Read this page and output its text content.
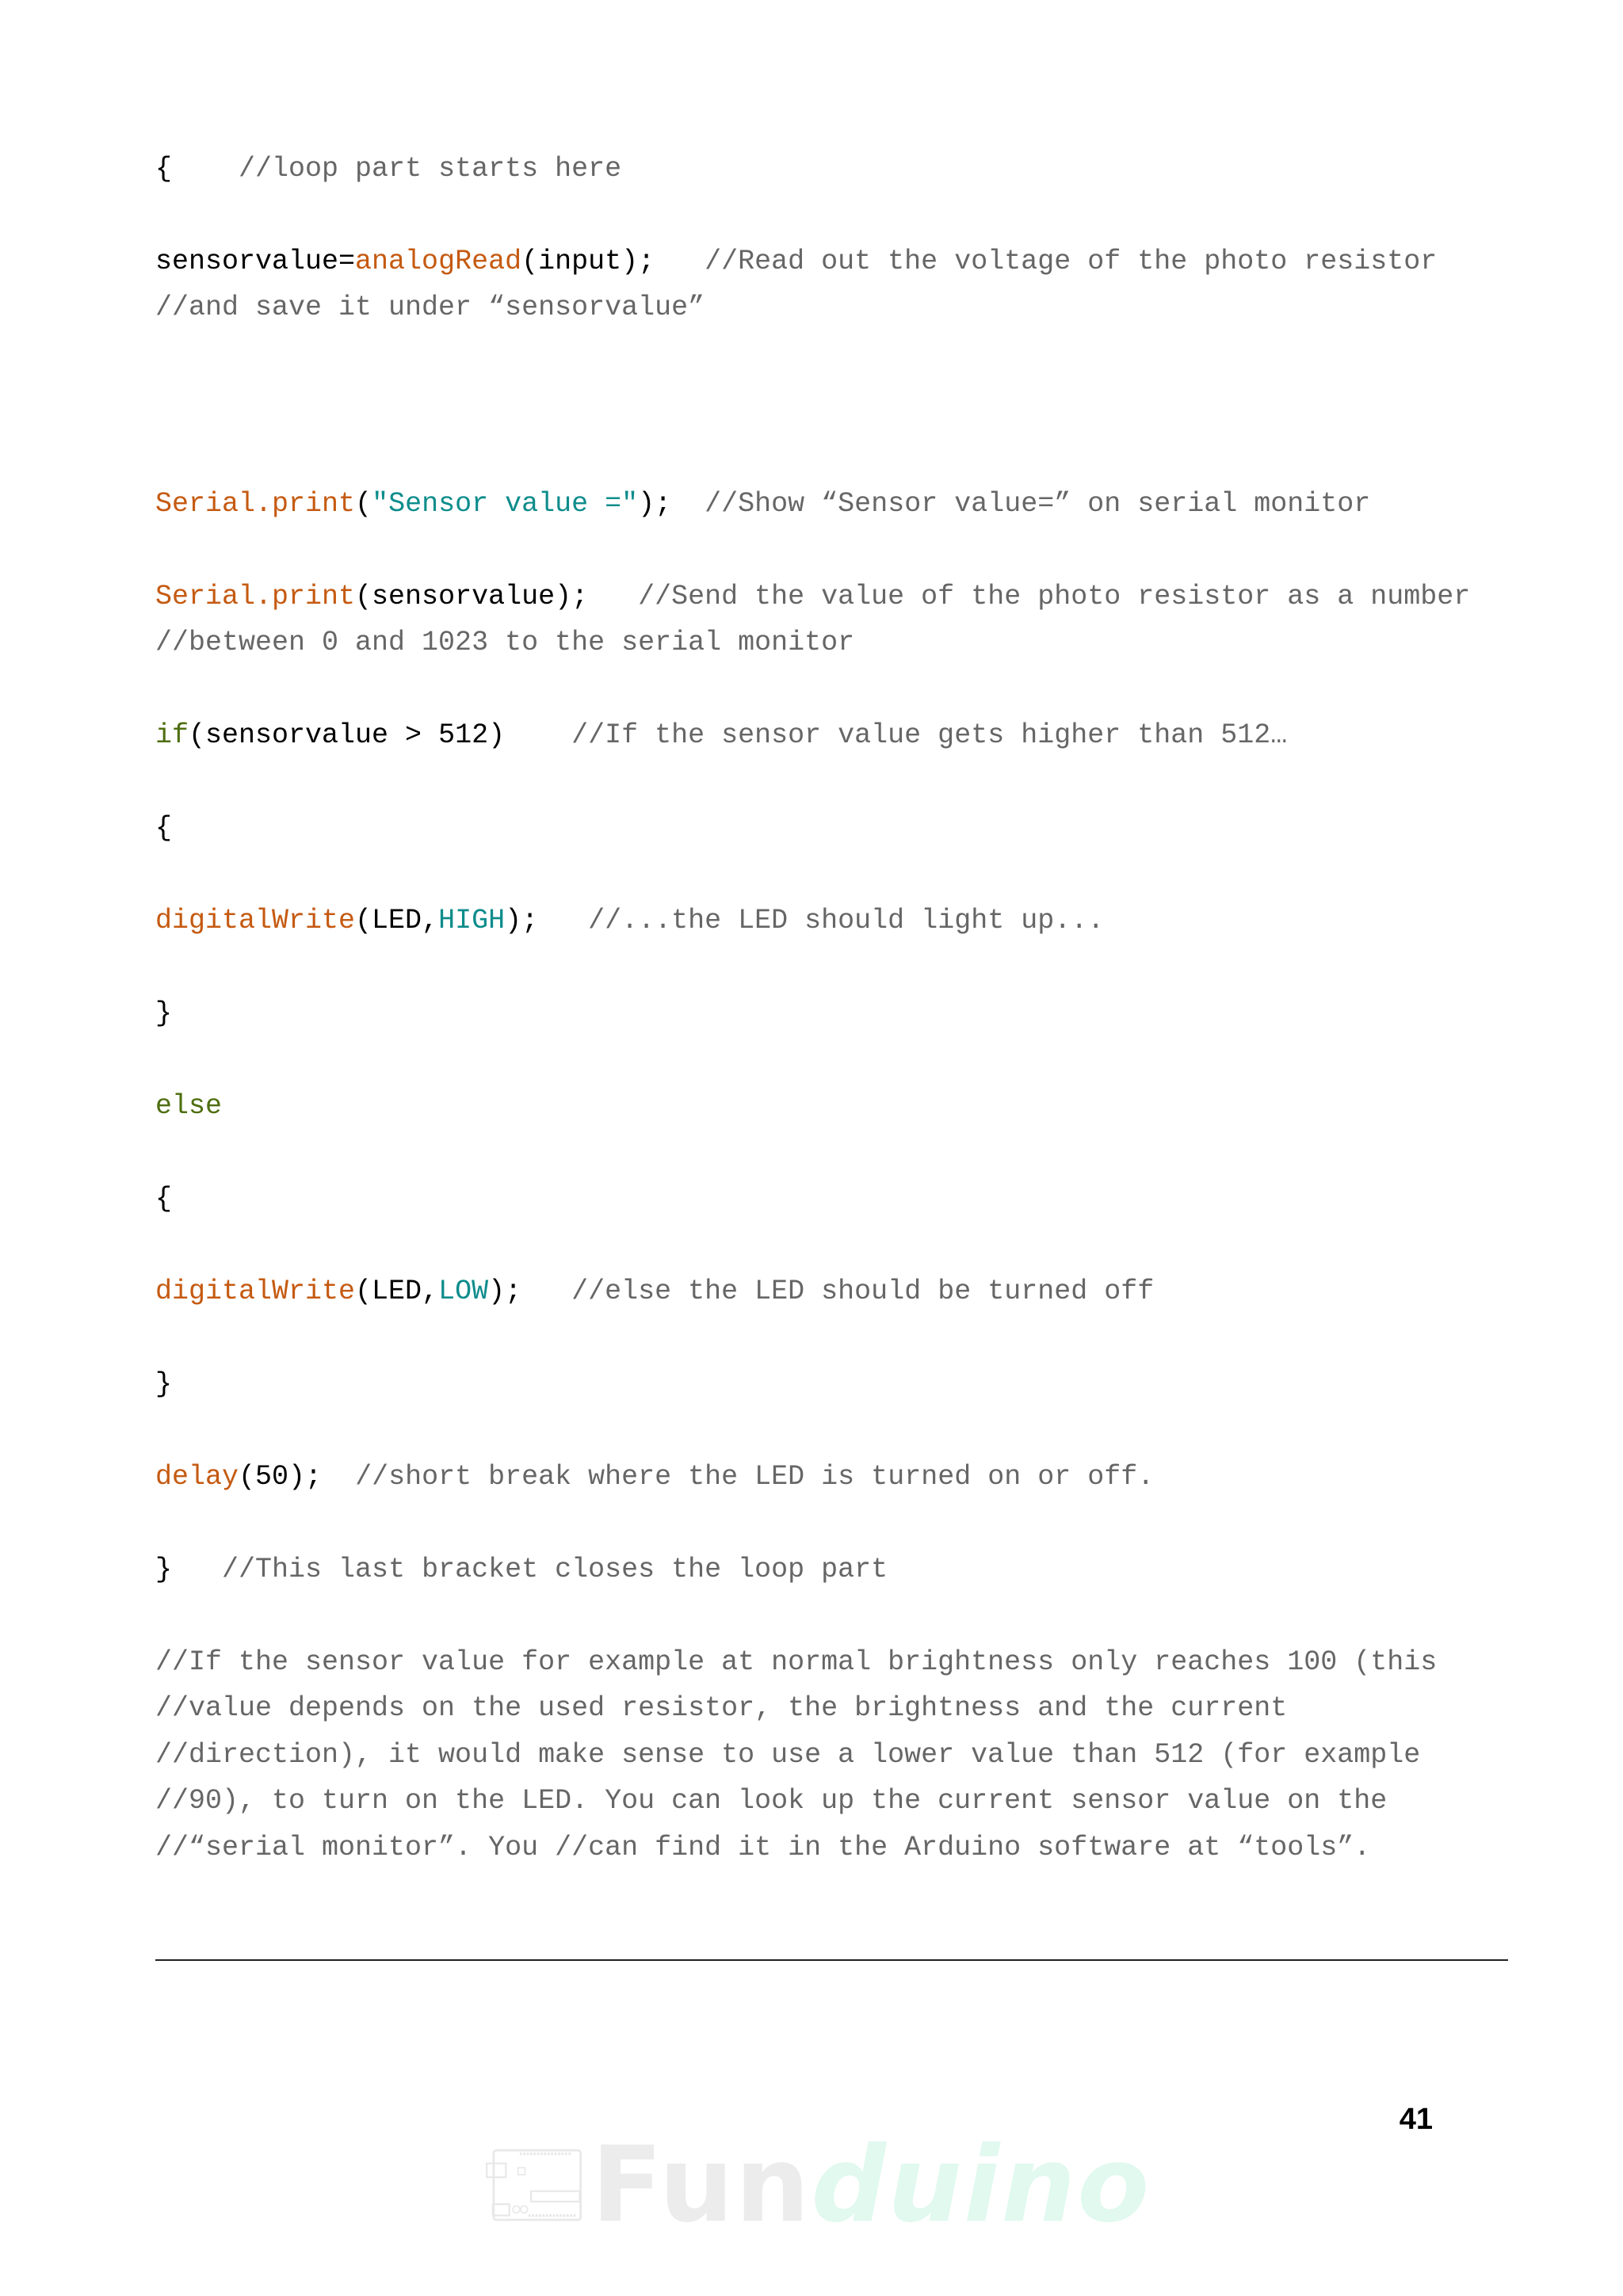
{ //loop part starts here

sensorvalue=analogRead(input); //Read out the voltage of the photo resistor

//and save it under “sensorvalue”

Serial.print("Sensor value ="); //Show “Sensor value=” on serial monitor

Serial.print(sensorvalue); //Send the value of the photo resistor as a number

//between 0 and 1023 to the serial monitor

if(sensorvalue > 512) //If the sensor value gets higher than 512…

{

digitalWrite(LED,HIGH); //...the LED should light up...

}

else

{

digitalWrite(LED,LOW); //else the LED should be turned off

}

delay(50); //short break where the LED is turned on or off.

} //This last bracket closes the loop part

//If the sensor value for example at normal brightness only reaches 100 (this

//value depends on the used resistor, the brightness and the current

//direction), it would make sense to use a lower value than 512 (for example

//90), to turn on the LED. You can look up the current sensor value on the

//“serial monitor”. You //can find it in the Arduino software at “tools”.

41
Funduino
